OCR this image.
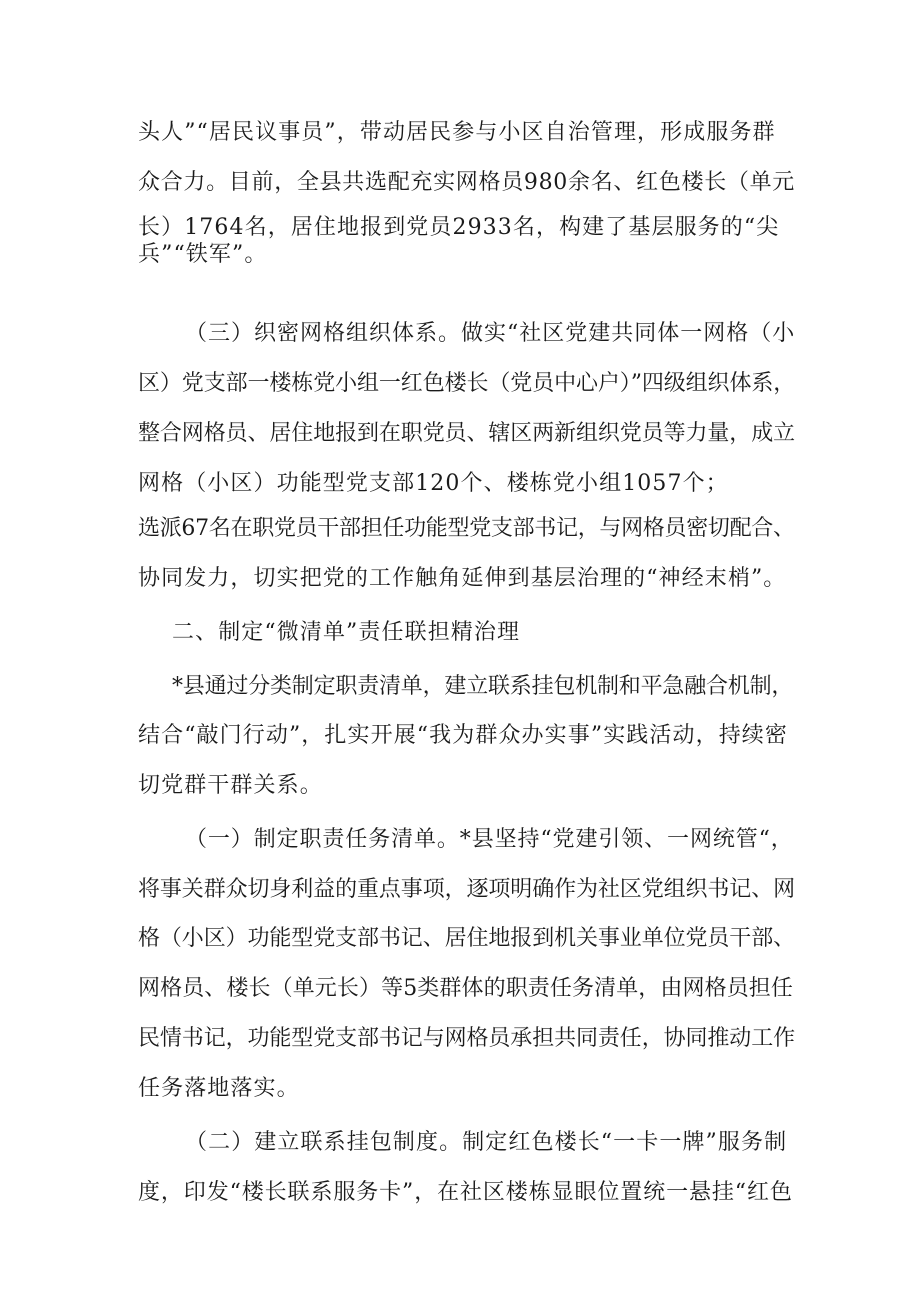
头人”“居民议事员”，带动居民参与小区自治管理，形成服务群
众合力。目前，全县共选配充实网格员980余名、红色楼长（单元
长）1764名，居住地报到党员2933名，构建了基层服务的“尖
兵”“铁军”。
（三）织密网格组织体系。做实“社区党建共同体一网格（小
区）党支部一楼栋党小组一红色楼长（党员中心户）”四级组织体系，
整合网格员、居住地报到在职党员、辖区两新组织党员等力量，成立
网格（小区）功能型党支部120个、楼栋党小组1057个；
选派67名在职党员干部担任功能型党支部书记，与网格员密切配合、
协同发力，切实把党的工作触角延伸到基层治理的“神经末梢”。
二、制定“微清单”责任联担精治理
*县通过分类制定职责清单，建立联系挂包机制和平急融合机制，
结合“敲门行动”，扎实开展“我为群众办实事”实践活动，持续密
切党群干群关系。
（一）制定职责任务清单。*县坚持“党建引领、一网统管“，
将事关群众切身利益的重点事项，逐项明确作为社区党组织书记、网
格（小区）功能型党支部书记、居住地报到机关事业单位党员干部、
网格员、楼长（单元长）等5类群体的职责任务清单，由网格员担任
民情书记，功能型党支部书记与网格员承担共同责任，协同推动工作
任务落地落实。
（二）建立联系挂包制度。制定红色楼长“一卡一牌”服务制
度，印发“楼长联系服务卡”，在社区楼栋显眼位置统一悬挂“红色
